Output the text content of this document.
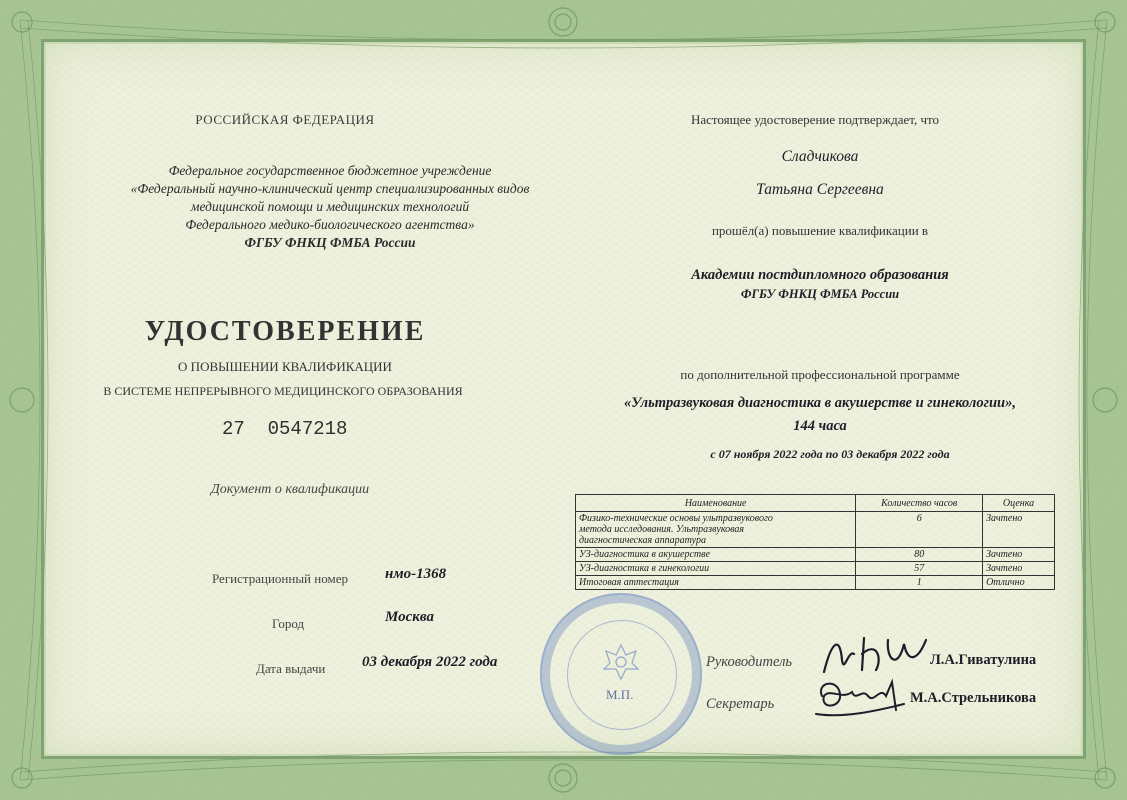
РОССИЙСКАЯ ФЕДЕРАЦИЯ
Федеральное государственное бюджетное учреждение
«Федеральный научно-клинический центр специализированных видов
медицинской помощи и медицинских технологий
Федерального медико-биологического агентства»
ФГБУ ФНКЦ ФМБА России
УДОСТОВЕРЕНИЕ
О ПОВЫШЕНИИ КВАЛИФИКАЦИИ
В СИСТЕМЕ НЕПРЕРЫВНОГО МЕДИЦИНСКОГО ОБРАЗОВАНИЯ
27 0547218
Документ о квалификации
Регистрационный номер нмо-1368
Город	Москва
Дата выдачи 03 декабря 2022 года
Настоящее удостоверение подтверждает, что
Сладчикова
Татьяна Сергеевна
прошёл(а) повышение квалификации в
Академии постдипломного образования
ФГБУ ФНКЦ ФМБА России
по дополнительной профессиональной программе
«Ультразвуковая диагностика в акушерстве и гинекологии»,
144 часа
с 07 ноября 2022 года по 03 декабря 2022 года
Наименование	Количество часов	Оценка

Физико-технические основы ультразвукового
метода исследования. Ультразвуковая
диагностическая аппаратура	6	Зачтено
УЗ-диагностика в акушерстве	80	Зачтено
УЗ-диагностика в гинекологии	57	Зачтено
Итоговая аттестация	1	Отлично
М.П.
Руководитель	Л.А.Гиватулина
Секретарь	М.А.Стрельникова
